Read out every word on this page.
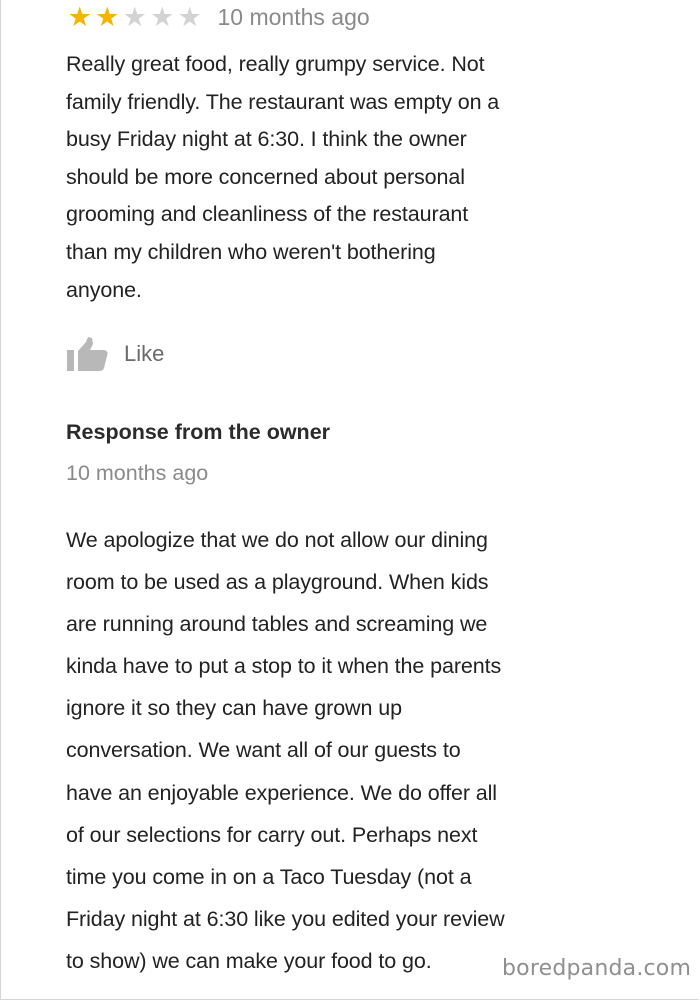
★ ★ ★ ★ ★ 10 months ago

Really great food, really grumpy service. Not

family friendly. The restaurant was empty on a

busy Friday night at 6:30. I think the owner

should be more concerned about personal

grooming and cleanliness of the restaurant

than my children who weren't bothering

anyone.

Like
Response from the owner
10 months ago

We apologize that we do not allow our dining

room to be used as a playground. When kids

are running around tables and screaming we

kinda have to put a stop to it when the parents

ignore it so they can have grown up

conversation. We want all of our guests to

have an enjoyable experience. We do offer all

of our selections for carry out. Perhaps next

time you come in on a Taco Tuesday (not a

Friday night at 6:30 like you edited your review

to show) we can make your food to go.	boredpanda.com
